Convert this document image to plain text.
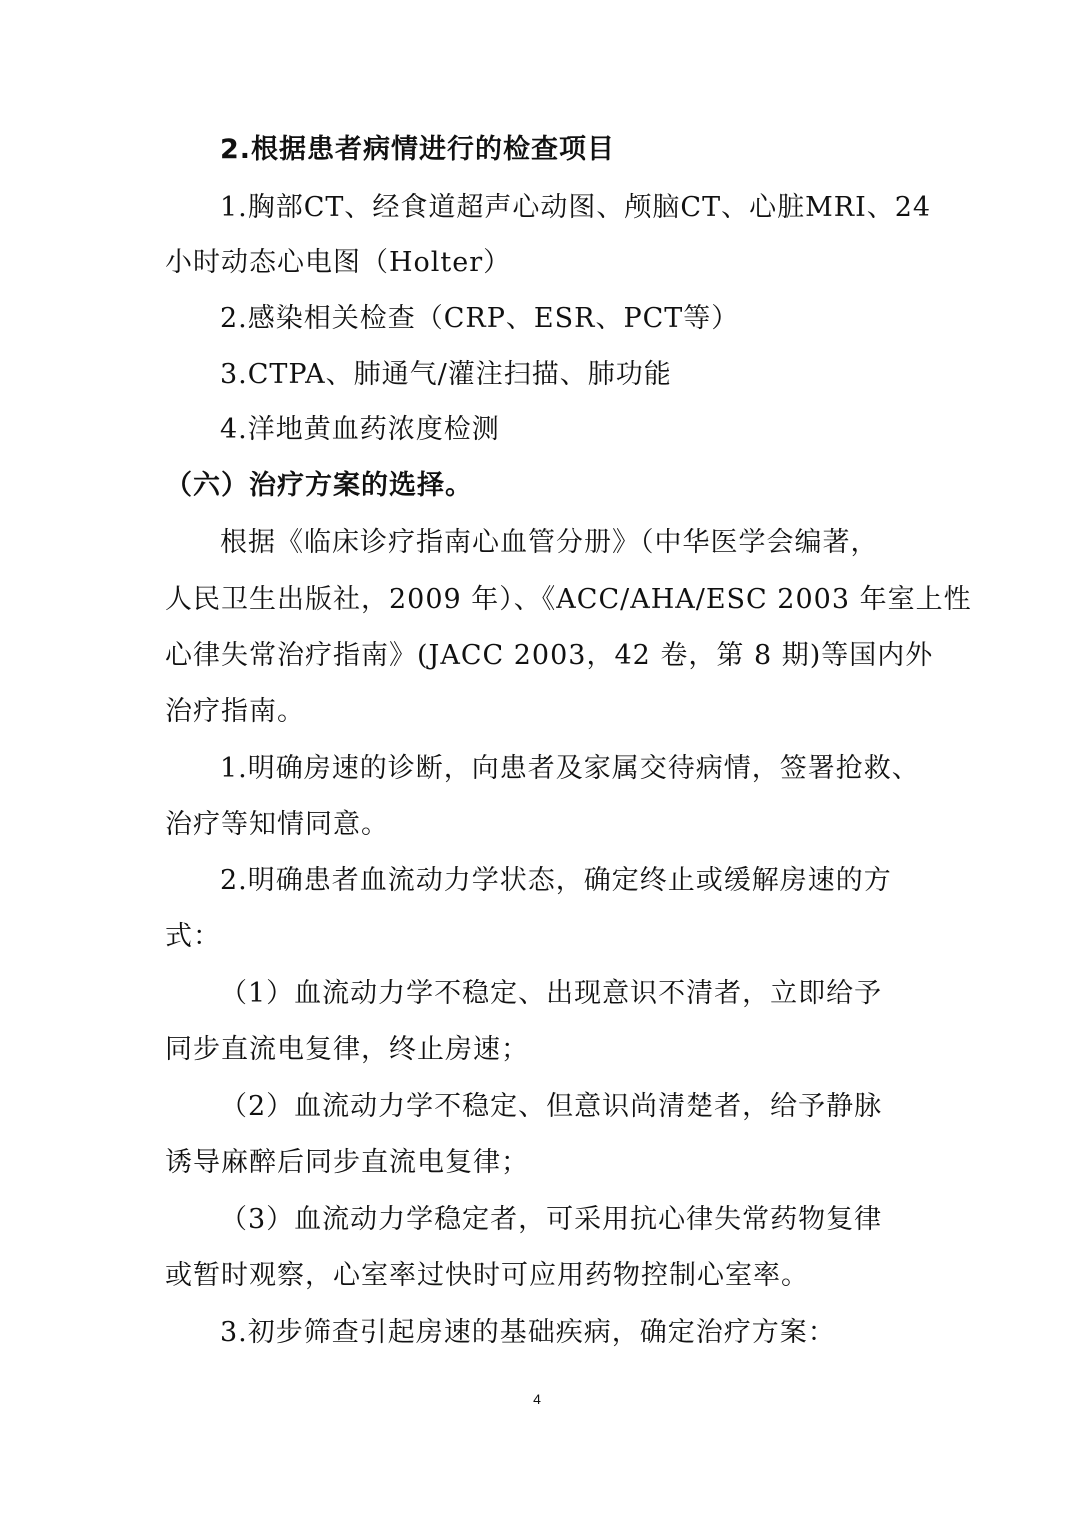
2.根据患者病情进行的检查项目
1.胸部CT、经食道超声心动图、颅脑CT、心脏MRI、24
小时动态心电图（Holter）
2.感染相关检查（CRP、ESR、PCT等）
3.CTPA、肺通气/灌注扫描、肺功能
4.洋地黄血药浓度检测
（六）治疗方案的选择。
根据《临床诊疗指南心血管分册》（中华医学会编著，
人民卫生出版社，2009 年）、《ACC/AHA/ESC 2003 年室上性
心律失常治疗指南》(JACC 2003，42 卷，第 8 期)等国内外
治疗指南。
1.明确房速的诊断，向患者及家属交待病情，签署抢救、
治疗等知情同意。
2.明确患者血流动力学状态，确定终止或缓解房速的方
式：
（1）血流动力学不稳定、出现意识不清者，立即给予
同步直流电复律，终止房速；
（2）血流动力学不稳定、但意识尚清楚者，给予静脉
诱导麻醉后同步直流电复律；
（3）血流动力学稳定者，可采用抗心律失常药物复律
或暂时观察，心室率过快时可应用药物控制心室率。
3.初步筛查引起房速的基础疾病，确定治疗方案：
4
